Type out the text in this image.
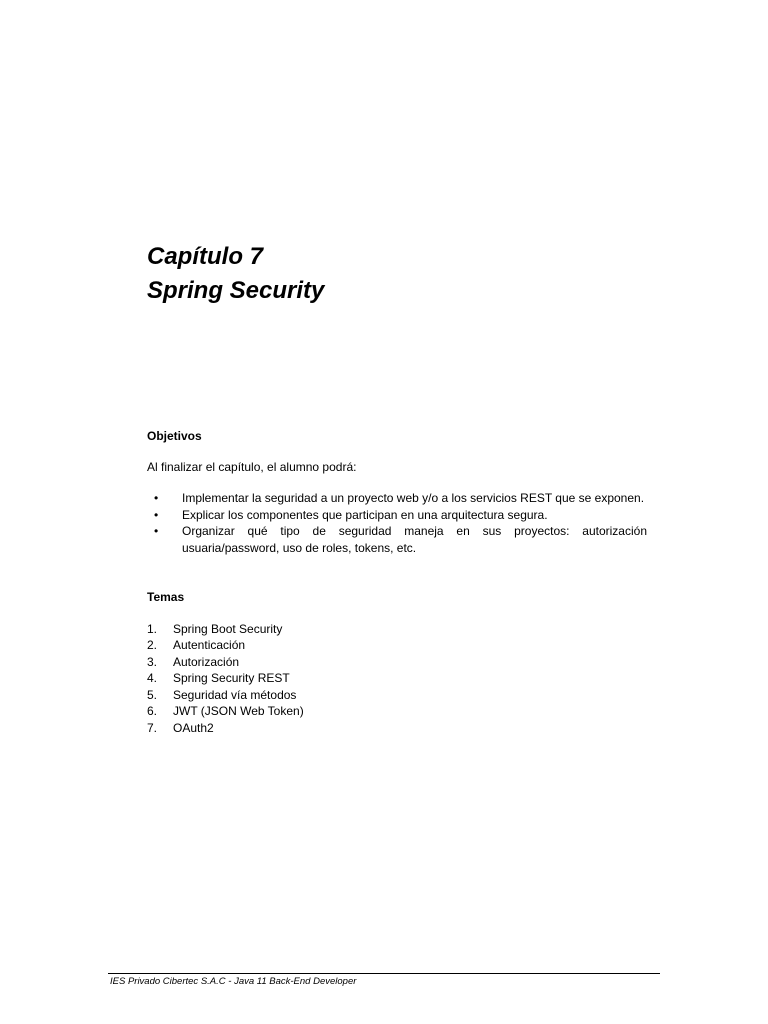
Capítulo 7
Spring Security

Objetivos

Al finalizar el capítulo, el alumno podrá:

• Implementar la seguridad a un proyecto web y/o a los servicios REST que se exponen.
• Explicar los componentes que participan en una arquitectura segura.
• Organizar qué tipo de seguridad maneja en sus proyectos: autorización usuaria/password, uso de roles, tokens, etc.

Temas

1. Spring Boot Security
2. Autenticación
3. Autorización
4. Spring Security REST
5. Seguridad vía métodos
6. JWT (JSON Web Token)
7. OAuth2
IES Privado Cibertec S.A.C - Java 11 Back-End Developer
